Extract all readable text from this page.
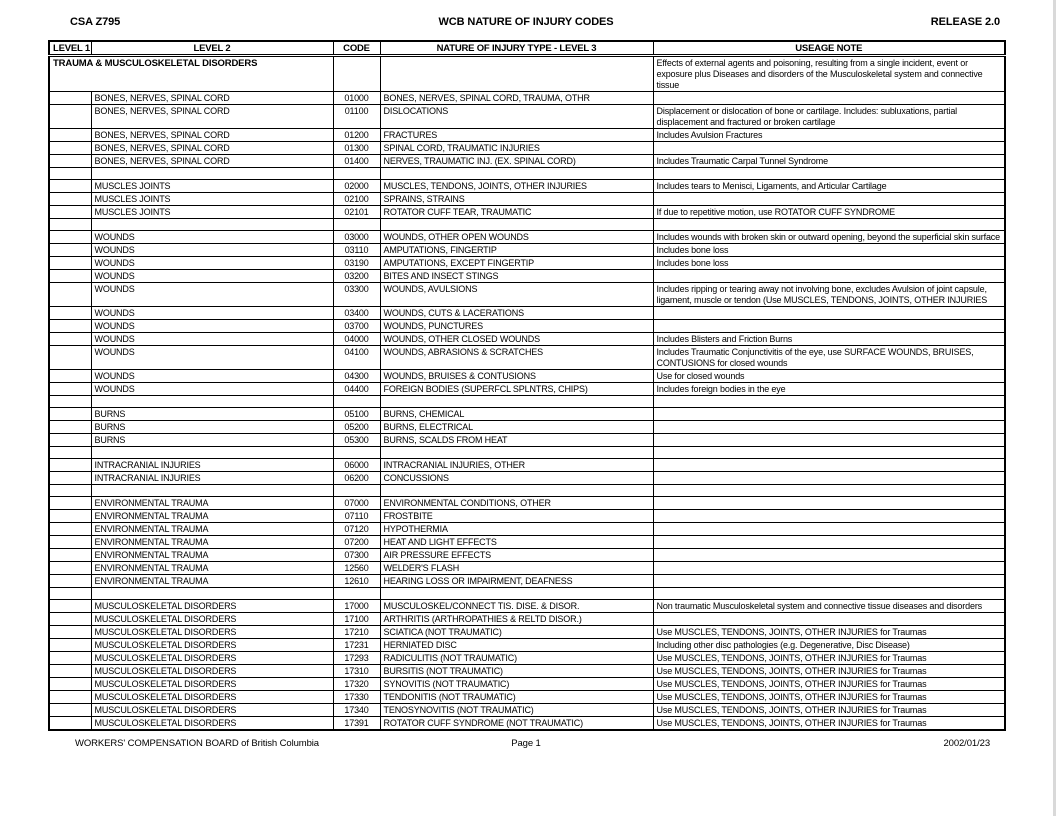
CSA Z795	WCB NATURE OF INJURY CODES	RELEASE 2.0
LEVEL 1	LEVEL 2	CODE	NATURE OF INJURY TYPE - LEVEL 3	USEAGE NOTE
TRAUMA & MUSCULOSKELETAL DISORDERS				Effects of external agents and poisoning, resulting from a single incident, event or exposure plus Diseases and disorders of the Musculoskeletal system and connective tissue
	BONES, NERVES, SPINAL CORD	01000	BONES, NERVES, SPINAL CORD, TRAUMA, OTHR	
	BONES, NERVES, SPINAL CORD	01100	DISLOCATIONS	Displacement or dislocation of bone or cartilage. Includes: subluxations, partial displacement and fractured or broken cartilage
	BONES, NERVES, SPINAL CORD	01200	FRACTURES	Includes Avulsion Fractures
	BONES, NERVES, SPINAL CORD	01300	SPINAL CORD, TRAUMATIC INJURIES	
	BONES, NERVES, SPINAL CORD	01400	NERVES, TRAUMATIC INJ. (EX. SPINAL CORD)	Includes Traumatic Carpal Tunnel Syndrome

	MUSCLES JOINTS	02000	MUSCLES, TENDONS, JOINTS, OTHER INJURIES	Includes tears to Menisci, Ligaments, and Articular Cartilage
	MUSCLES JOINTS	02100	SPRAINS, STRAINS	
	MUSCLES JOINTS	02101	ROTATOR CUFF TEAR, TRAUMATIC	If due to repetitive motion, use ROTATOR CUFF SYNDROME

	WOUNDS	03000	WOUNDS, OTHER OPEN WOUNDS	Includes wounds with broken skin or outward opening, beyond the superficial skin surface
	WOUNDS	03110	AMPUTATIONS, FINGERTIP	Includes bone loss
	WOUNDS	03190	AMPUTATIONS, EXCEPT FINGERTIP	Includes bone loss
	WOUNDS	03200	BITES AND INSECT STINGS	
	WOUNDS	03300	WOUNDS, AVULSIONS	Includes ripping or tearing away not involving bone, excludes Avulsion of joint capsule, ligament, muscle or tendon (Use MUSCLES, TENDONS, JOINTS, OTHER INJURIES
	WOUNDS	03400	WOUNDS, CUTS & LACERATIONS	
	WOUNDS	03700	WOUNDS, PUNCTURES	
	WOUNDS	04000	WOUNDS, OTHER CLOSED WOUNDS	Includes Blisters and Friction Burns
	WOUNDS	04100	WOUNDS, ABRASIONS & SCRATCHES	Includes Traumatic Conjunctivitis of the eye, use SURFACE WOUNDS, BRUISES, CONTUSIONS for closed wounds
	WOUNDS	04300	WOUNDS, BRUISES & CONTUSIONS	Use for closed wounds
	WOUNDS	04400	FOREIGN BODIES (SUPERFCL SPLNTRS, CHIPS)	Includes foreign bodies in the eye

	BURNS	05100	BURNS, CHEMICAL	
	BURNS	05200	BURNS, ELECTRICAL	
	BURNS	05300	BURNS, SCALDS FROM HEAT	

	INTRACRANIAL INJURIES	06000	INTRACRANIAL INJURIES, OTHER	
	INTRACRANIAL INJURIES	06200	CONCUSSIONS	

	ENVIRONMENTAL TRAUMA	07000	ENVIRONMENTAL CONDITIONS, OTHER	
	ENVIRONMENTAL TRAUMA	07110	FROSTBITE	
	ENVIRONMENTAL TRAUMA	07120	HYPOTHERMIA	
	ENVIRONMENTAL TRAUMA	07200	HEAT AND LIGHT EFFECTS	
	ENVIRONMENTAL TRAUMA	07300	AIR PRESSURE EFFECTS	
	ENVIRONMENTAL TRAUMA	12560	WELDER'S FLASH	
	ENVIRONMENTAL TRAUMA	12610	HEARING LOSS OR IMPAIRMENT, DEAFNESS	

	MUSCULOSKELETAL DISORDERS	17000	MUSCULOSKEL/CONNECT TIS. DISE. & DISOR.	Non traumatic Musculoskeletal system and connective tissue diseases and disorders
	MUSCULOSKELETAL DISORDERS	17100	ARTHRITIS (ARTHROPATHIES & RELTD DISOR.)	
	MUSCULOSKELETAL DISORDERS	17210	SCIATICA (NOT TRAUMATIC)	Use MUSCLES, TENDONS, JOINTS, OTHER INJURIES for Traumas
	MUSCULOSKELETAL DISORDERS	17231	HERNIATED DISC	Including other disc pathologies (e.g. Degenerative, Disc Disease)
	MUSCULOSKELETAL DISORDERS	17293	RADICULITIS (NOT TRAUMATIC)	Use MUSCLES, TENDONS, JOINTS, OTHER INJURIES for Traumas
	MUSCULOSKELETAL DISORDERS	17310	BURSITIS (NOT TRAUMATIC)	Use MUSCLES, TENDONS, JOINTS, OTHER INJURIES for Traumas
	MUSCULOSKELETAL DISORDERS	17320	SYNOVITIS (NOT TRAUMATIC)	Use MUSCLES, TENDONS, JOINTS, OTHER INJURIES for Traumas
	MUSCULOSKELETAL DISORDERS	17330	TENDONITIS (NOT TRAUMATIC)	Use MUSCLES, TENDONS, JOINTS, OTHER INJURIES for Traumas
	MUSCULOSKELETAL DISORDERS	17340	TENOSYNOVITIS (NOT TRAUMATIC)	Use MUSCLES, TENDONS, JOINTS, OTHER INJURIES for Traumas
	MUSCULOSKELETAL DISORDERS	17391	ROTATOR CUFF SYNDROME (NOT TRAUMATIC)	Use MUSCLES, TENDONS, JOINTS, OTHER INJURIES for Traumas
WORKERS' COMPENSATION BOARD of British Columbia	Page 1	2002/01/23
